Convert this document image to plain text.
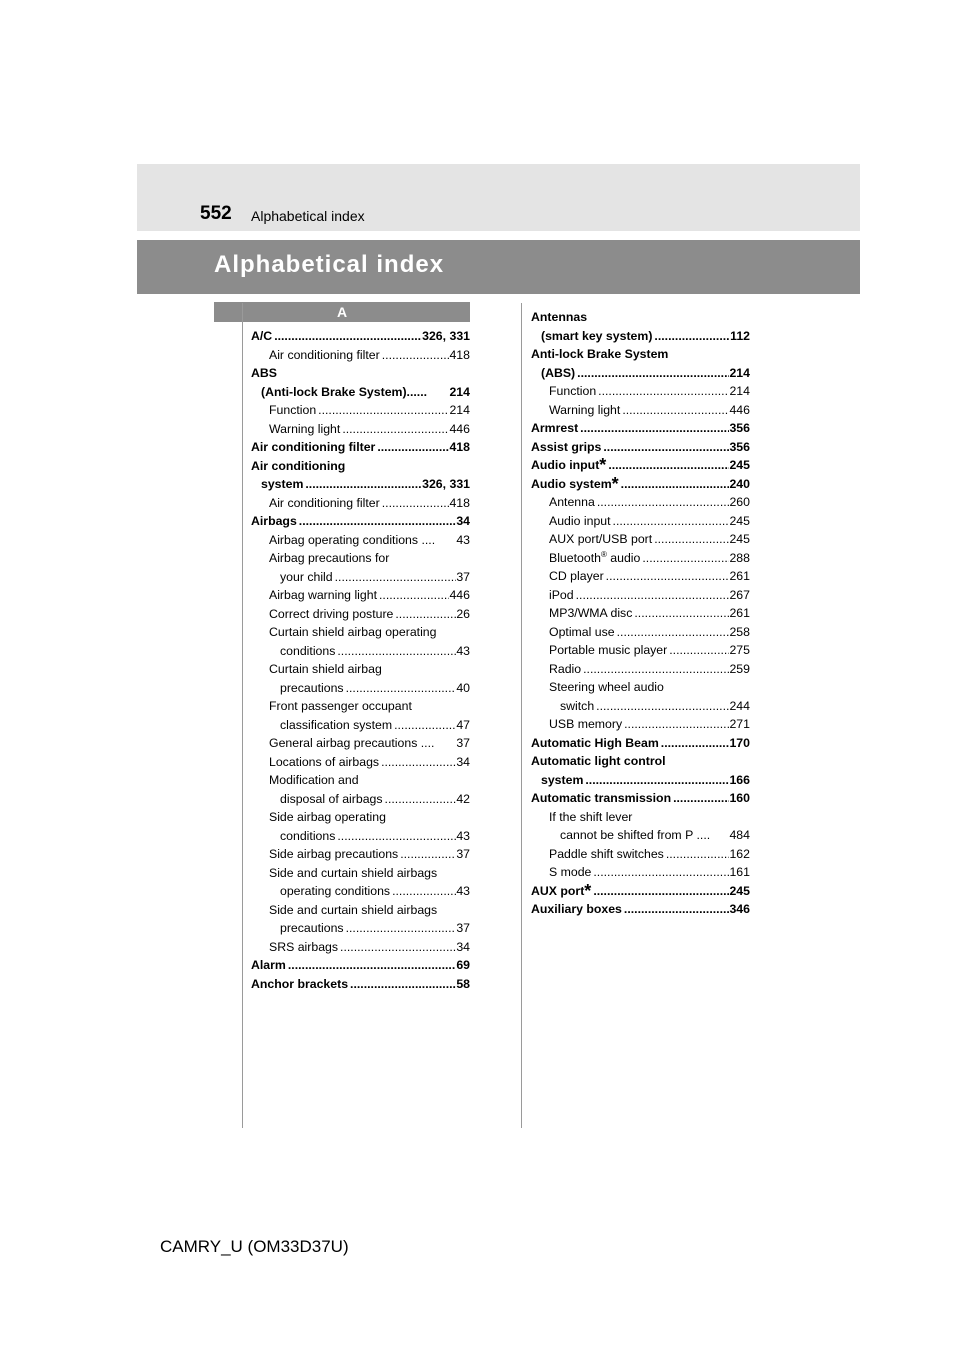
552 Alphabetical index
Alphabetical index
A
A/C .....	326, 331
Air conditioning filter .....	418
ABS
(Anti-lock Brake System)...... 214
Function .....	214
Warning light .....	446
Air conditioning filter .....	418
Air conditioning
system .....	326, 331
Air conditioning filter .....	418
Airbags .....	34
Airbag operating conditions .... 43
Airbag precautions for
your child .....	37
Airbag warning light .....	446
Correct driving posture .....	26
Curtain shield airbag operating
conditions .....	43
Curtain shield airbag
precautions .....	40
Front passenger occupant
classification system .....	47
General airbag precautions .... 37
Locations of airbags .....	34
Modification and
disposal of airbags .....	42
Side airbag operating
conditions .....	43
Side airbag precautions .....	37
Side and curtain shield airbags
operating conditions .....	43
Side and curtain shield airbags
precautions .....	37
SRS airbags .....	34
Alarm .....	69
Anchor brackets .....	58
Antennas
(smart key system) .....	112
Anti-lock Brake System
(ABS) .....	214
Function .....	214
Warning light .....	446
Armrest .....	356
Assist grips .....	356
Audio input* .....	245
Audio system* .....	240
Antenna .....	260
Audio input .....	245
AUX port/USB port .....	245
Bluetooth® audio .....	288
CD player .....	261
iPod .....	267
MP3/WMA disc .....	261
Optimal use .....	258
Portable music player .....	275
Radio .....	259
Steering wheel audio
switch .....	244
USB memory .....	271
Automatic High Beam .....	170
Automatic light control
system .....	166
Automatic transmission .....	160
If the shift lever
cannot be shifted from P .... 484
Paddle shift switches .....	162
S mode .....	161
AUX port* .....	245
Auxiliary boxes .....	346
CAMRY_U (OM33D37U)
